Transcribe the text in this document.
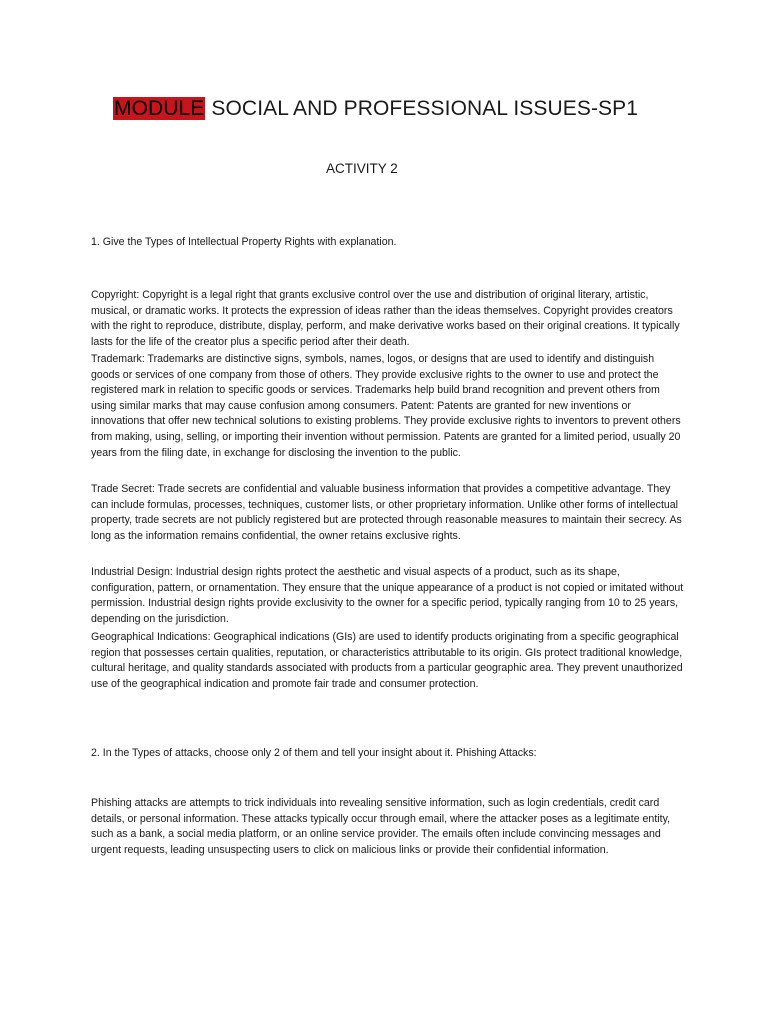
MODULE SOCIAL AND PROFESSIONAL ISSUES-SP1
ACTIVITY 2

1. Give the Types of Intellectual Property Rights with explanation.

Copyright: Copyright is a legal right that grants exclusive control over the use and distribution of original literary, artistic, musical, or dramatic works. It protects the expression of ideas rather than the ideas themselves. Copyright provides creators with the right to reproduce, distribute, display, perform, and make derivative works based on their original creations. It typically lasts for the life of the creator plus a specific period after their death.

Trademark: Trademarks are distinctive signs, symbols, names, logos, or designs that are used to identify and distinguish goods or services of one company from those of others. They provide exclusive rights to the owner to use and protect the registered mark in relation to specific goods or services. Trademarks help build brand recognition and prevent others from using similar marks that may cause confusion among consumers. Patent: Patents are granted for new inventions or innovations that offer new technical solutions to existing problems. They provide exclusive rights to inventors to prevent others from making, using, selling, or importing their invention without permission. Patents are granted for a limited period, usually 20 years from the filing date, in exchange for disclosing the invention to the public.

Trade Secret: Trade secrets are confidential and valuable business information that provides a competitive advantage. They can include formulas, processes, techniques, customer lists, or other proprietary information. Unlike other forms of intellectual property, trade secrets are not publicly registered but are protected through reasonable measures to maintain their secrecy. As long as the information remains confidential, the owner retains exclusive rights.

Industrial Design: Industrial design rights protect the aesthetic and visual aspects of a product, such as its shape, configuration, pattern, or ornamentation. They ensure that the unique appearance of a product is not copied or imitated without permission. Industrial design rights provide exclusivity to the owner for a specific period, typically ranging from 10 to 25 years, depending on the jurisdiction.

Geographical Indications: Geographical indications (GIs) are used to identify products originating from a specific geographical region that possesses certain qualities, reputation, or characteristics attributable to its origin. GIs protect traditional knowledge, cultural heritage, and quality standards associated with products from a particular geographic area. They prevent unauthorized use of the geographical indication and promote fair trade and consumer protection.

2. In the Types of attacks, choose only 2 of them and tell your insight about it. Phishing Attacks:

Phishing attacks are attempts to trick individuals into revealing sensitive information, such as login credentials, credit card details, or personal information. These attacks typically occur through email, where the attacker poses as a legitimate entity, such as a bank, a social media platform, or an online service provider. The emails often include convincing messages and urgent requests, leading unsuspecting users to click on malicious links or provide their confidential information.
